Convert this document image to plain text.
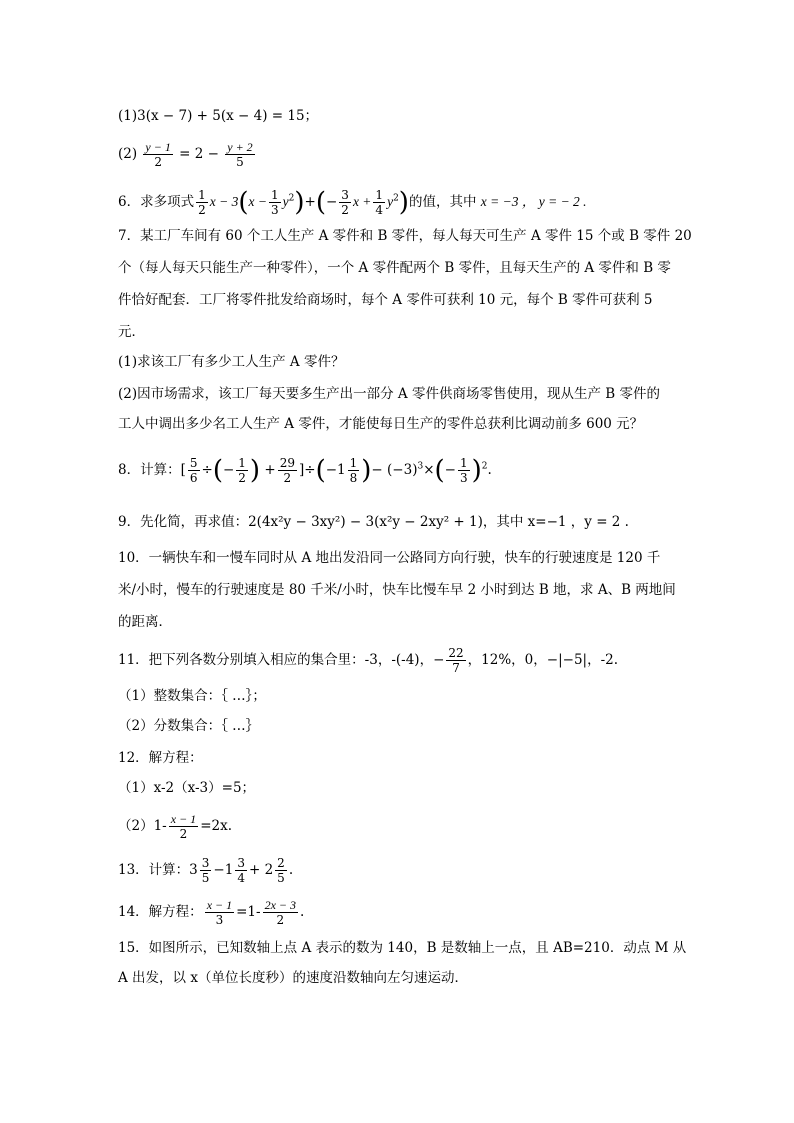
(1)3(x − 7) + 5(x − 4) = 15；
$(2) \frac{y - 1}{2} = 2 - \frac{y + 2}{5}$
6．求多项式 $\frac{1}{2}$ $x - 3(x - \frac{1}{3} y^2)+(- \frac{3}{2}$ $x + \frac{1}{4} y^2$)的值，其中 x = −3 ， y = − 2 .
7．某工厂车间有 60 个工人生产 A 零件和 B 零件，每人每天可生产 A 零件 15 个或 B 零件 20
个（每人每天只能生产一种零件），一个 A 零件配两个 B 零件，且每天生产的 A 零件和 B 零
件恰好配套．工厂将零件批发给商场时，每个 A 零件可获利 10 元，每个 B 零件可获利 5
元．
(1)求该工厂有多少工人生产 A 零件？
(2)因市场需求，该工厂每天要多生产出一部分 A 零件供商场零售使用，现从生产 B 零件的
工人中调出多少名工人生产 A 零件，才能使每日生产的零件总获利比调动前多 600 元？
8．计算：[ $\frac{5}{6}$ ÷(− $\frac{1}{2}$ ) + $\frac{29}{2} ]\div(-1 \frac{1}{8}$ )− $(-3)^3\times(- \frac{1}{3} )^2$.
9．先化简，再求值：2(4x²y − 3xy²) − 3(x²y − 2xy² + 1)，其中 x=−1 ，y = 2 .
10．一辆快车和一慢车同时从 A 地出发沿同一公路同方向行驶，快车的行驶速度是 120 千
米/小时，慢车的行驶速度是 80 千米/小时，快车比慢车早 2 小时到达 B 地，求 A、B 两地间
的距离．
11．把下列各数分别填入相应的集合里：-3，-(-4)，− $\frac{22}{7}$ ，12%，0，−|−5|，-2.
（1）整数集合：｛ …｝；
（2）分数集合：｛ …｝
12．解方程：
（1）x-2（x-3）=5；
$(2)1- \frac{x - 1}{2} =2x$.
13．计算：$3 \frac{3}{5} -1 \frac{3}{4} + 2 \frac{2}{5}$ .
14．解方程： $\frac{x - 1}{3} =1- \frac{2x - 3}{2}$ .
15．如图所示，已知数轴上点 A 表示的数为 140，B 是数轴上一点，且 AB=210．动点 M 从
A 出发，以 x（单位长度秒）的速度沿数轴向左匀速运动．
